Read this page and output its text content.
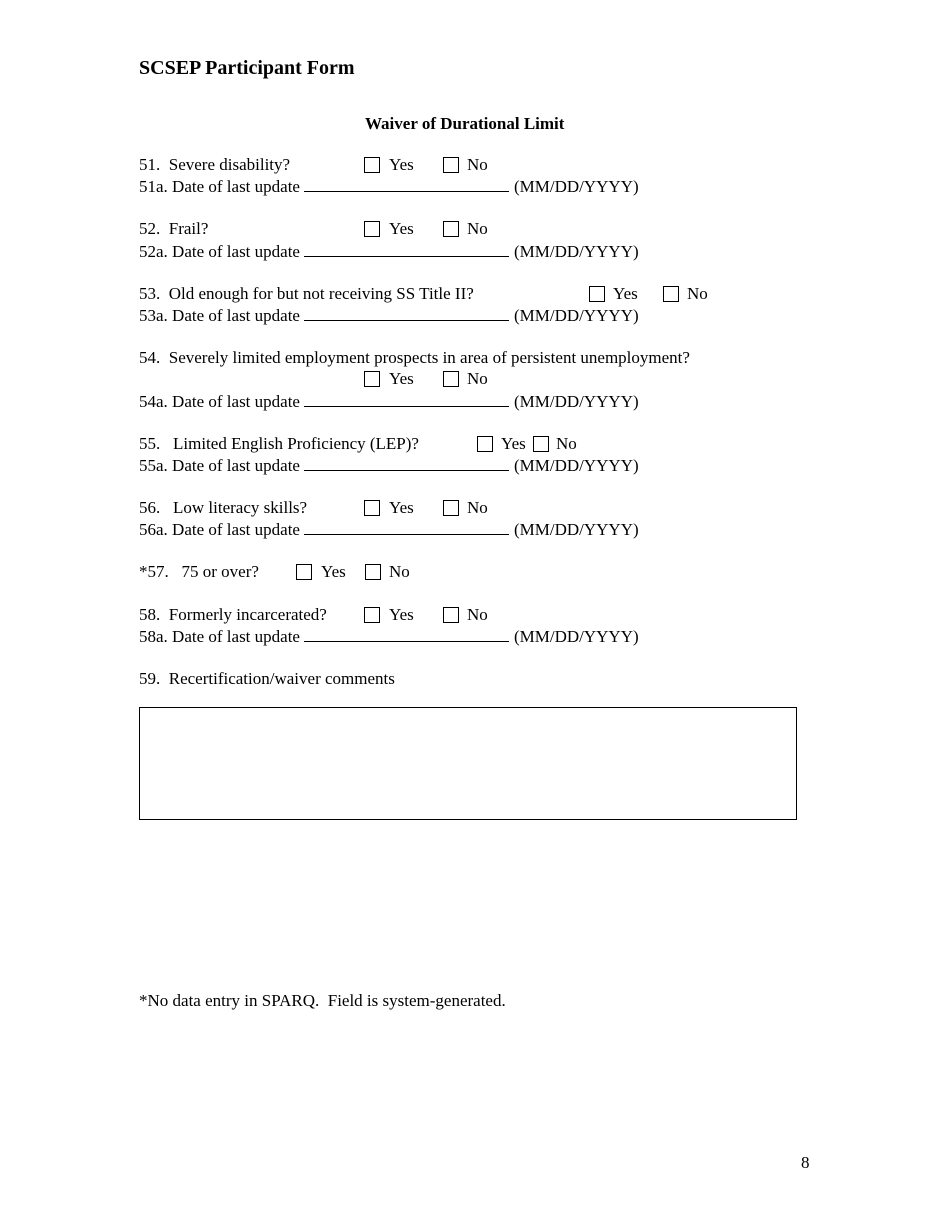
SCSEP Participant Form
Waiver of Durational Limit
51.  Severe disability?	Yes	No
51a. Date of last update	(MM/DD/YYYY)
52.  Frail?	Yes	No
52a. Date of last update	(MM/DD/YYYY)
53.  Old enough for but not receiving SS Title II?	Yes	No
53a. Date of last update	(MM/DD/YYYY)
54.  Severely limited employment prospects in area of persistent unemployment?
Yes	No
54a. Date of last update	(MM/DD/YYYY)
55.   Limited English Proficiency (LEP)?	Yes No
55a. Date of last update	(MM/DD/YYYY)
56.   Low literacy skills?	Yes	No
56a. Date of last update	(MM/DD/YYYY)
*57.   75 or over?	Yes	No
58.  Formerly incarcerated?	Yes	No
58a. Date of last update	(MM/DD/YYYY)
59.  Recertification/waiver comments
*No data entry in SPARQ.  Field is system-generated.
8
